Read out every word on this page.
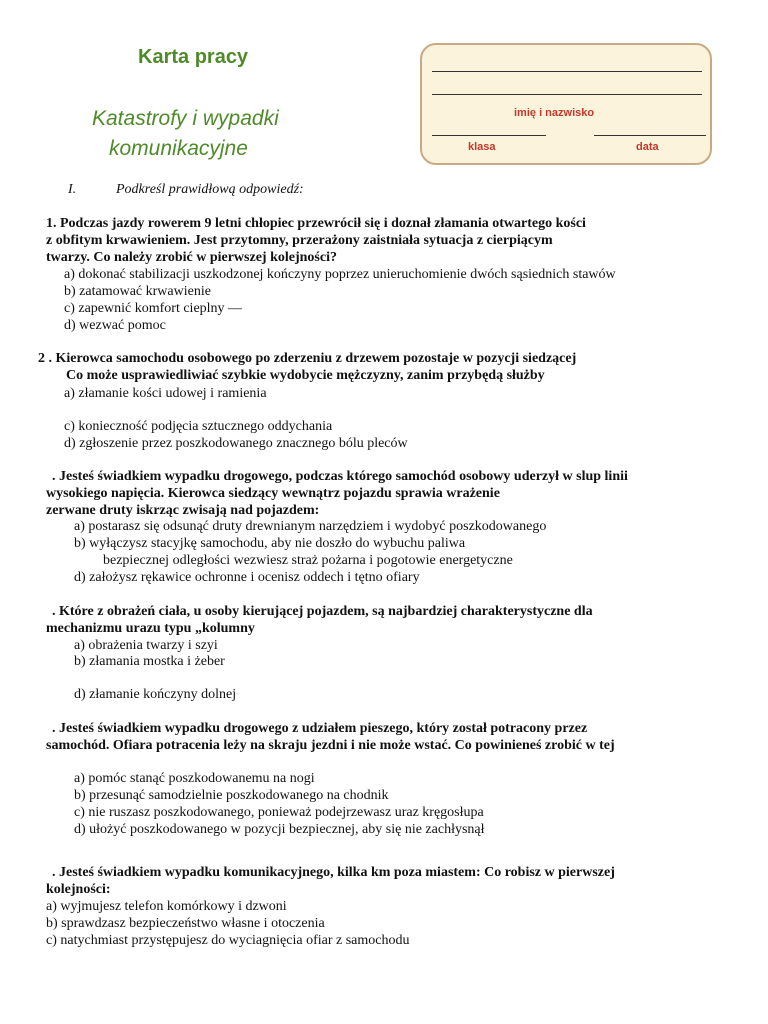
Karta pracy
Katastrofy i wypadki
komunikacyjne
imię i nazwisko
klasa	data
I.	Podkreśl prawidłową odpowiedź:
1. Podczas jazdy rowerem 9 letni chłopiec przewrócił się i doznał złamania otwartego kości
z obfitym krwawieniem. Jest przytomny, przerażony zaistniała sytuacja z cierpiącym
twarzy. Co należy zrobić w pierwszej kolejności?
a) dokonać stabilizacji uszkodzonej kończyny poprzez unieruchomienie dwóch sąsiednich stawów
b) zatamować krwawienie
c) zapewnić komfort cieplny —
d) wezwać pomoc
2 . Kierowca samochodu osobowego po zderzeniu z drzewem pozostaje w pozycji siedzącej
Co może usprawiedliwiać szybkie wydobycie mężczyzny, zanim przybędą służby
a) złamanie kości udowej i ramienia
c) konieczność podjęcia sztucznego oddychania
d) zgłoszenie przez poszkodowanego znacznego bólu pleców
. Jesteś świadkiem wypadku drogowego, podczas którego samochód osobowy uderzył w slup linii
wysokiego napięcia. Kierowca siedzący wewnątrz pojazdu sprawia wrażenie
zerwane druty iskrząc zwisają nad pojazdem:
a) postarasz się odsunąć druty drewnianym narzędziem i wydobyć poszkodowanego
b) wyłączysz stacyjkę samochodu, aby nie doszło do wybuchu paliwa
bezpiecznej odległości wezwiesz straż pożarna i pogotowie energetyczne
d) założysz rękawice ochronne i ocenisz oddech i tętno ofiary
. Które z obrażeń ciała, u osoby kierującej pojazdem, są najbardziej charakterystyczne dla
mechanizmu urazu typu „kolumny
a) obrażenia twarzy i szyi
b) złamania mostka i żeber
d) złamanie kończyny dolnej
. Jesteś świadkiem wypadku drogowego z udziałem pieszego, który został potracony przez
samochód. Ofiara potracenia leży na skraju jezdni i nie może wstać. Co powinieneś zrobić w tej
a) pomóc stanąć poszkodowanemu na nogi
b) przesunąć samodzielnie poszkodowanego na chodnik
c) nie ruszasz poszkodowanego, ponieważ podejrzewasz uraz kręgosłupa
d) ułożyć poszkodowanego w pozycji bezpiecznej, aby się nie zachłysnął
. Jesteś świadkiem wypadku komunikacyjnego, kilka km poza miastem: Co robisz w pierwszej
kolejności:
a) wyjmujesz telefon komórkowy i dzwoni
b) sprawdzasz bezpieczeństwo własne i otoczenia
c) natychmiast przystępujesz do wyciagnięcia ofiar z samochodu
